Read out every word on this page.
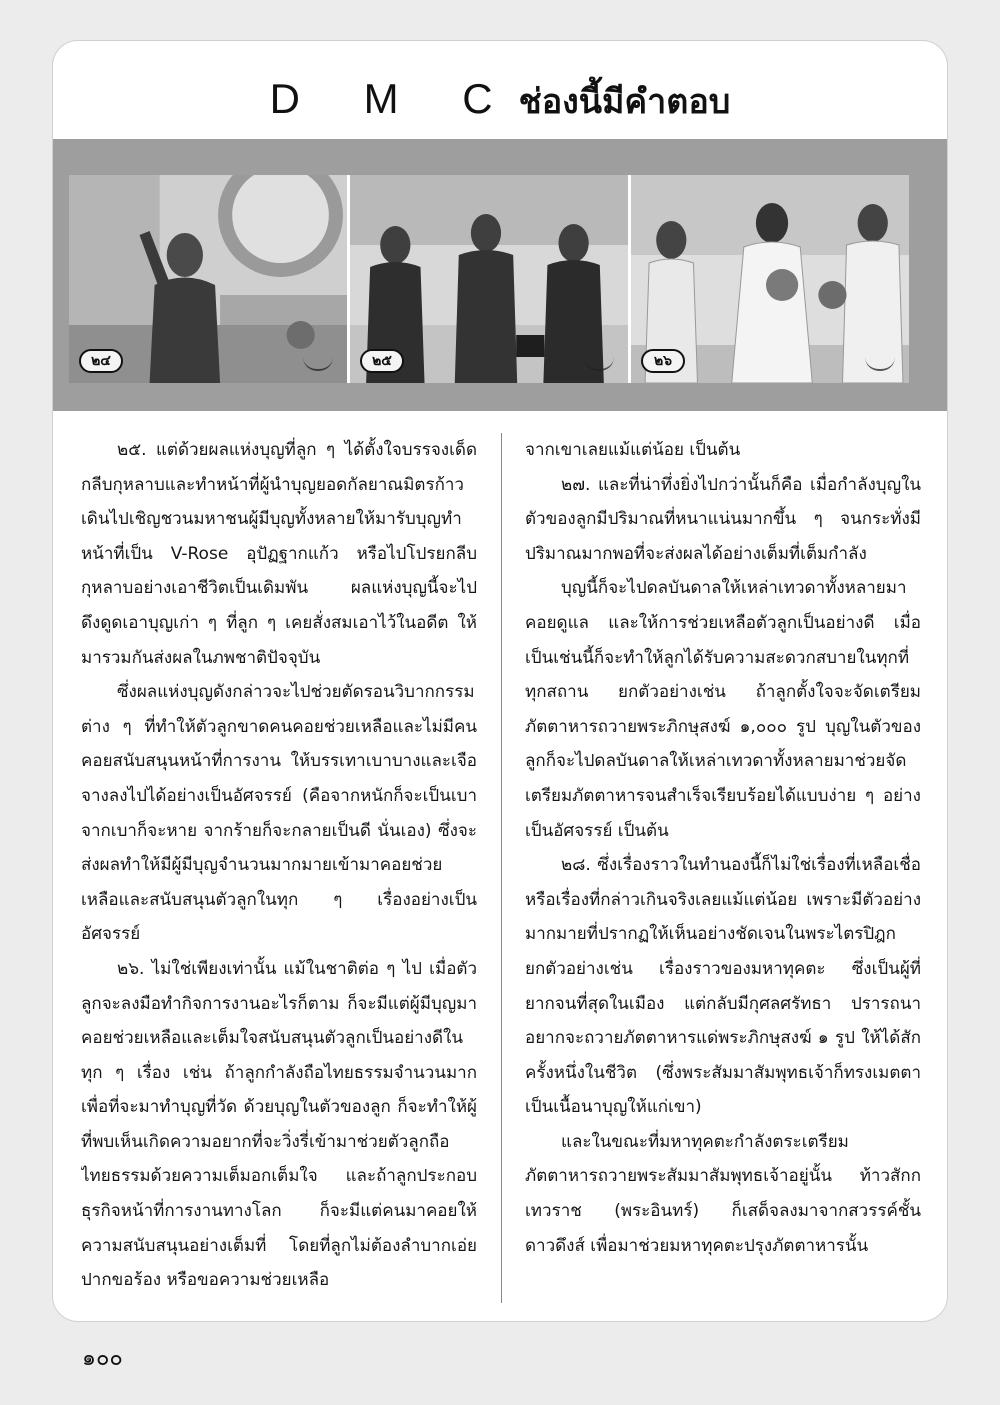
D M Cช่องนี้มีคำตอบ
๒๔	๒๕	๒๖

๒๕. แต่ด้วยผลแห่งบุญที่ลูก ๆ ได้ตั้งใจบรรจงเด็ดกลีบกุหลาบและทำหน้าที่ผู้นำบุญยอดกัลยาณมิตรก้าวเดินไปเชิญชวนมหาชนผู้มีบุญทั้งหลายให้มารับบุญทำหน้าที่เป็น V-Rose อุปัฏฐากแก้ว หรือไปโปรยกลีบกุหลาบอย่างเอาชีวิตเป็นเดิมพัน ผลแห่งบุญนี้จะไปดึงดูดเอาบุญเก่า ๆ ที่ลูก ๆ เคยสั่งสมเอาไว้ในอดีต ให้มารวมกันส่งผลในภพชาติปัจจุบัน

ซึ่งผลแห่งบุญดังกล่าวจะไปช่วยตัดรอนวิบากกรรมต่าง ๆ ที่ทำให้ตัวลูกขาดคนคอยช่วยเหลือและไม่มีคนคอยสนับสนุนหน้าที่การงาน ให้บรรเทาเบาบางและเจือจางลงไปได้อย่างเป็นอัศจรรย์ (คือจากหนักก็จะเป็นเบา จากเบาก็จะหาย จากร้ายก็จะกลายเป็นดี นั่นเอง) ซึ่งจะส่งผลทำให้มีผู้มีบุญจำนวนมากมายเข้ามาคอยช่วยเหลือและสนับสนุนตัวลูกในทุก ๆ เรื่องอย่างเป็นอัศจรรย์

๒๖. ไม่ใช่เพียงเท่านั้น แม้ในชาติต่อ ๆ ไป เมื่อตัวลูกจะลงมือทำกิจการงานอะไรก็ตาม ก็จะมีแต่ผู้มีบุญมาคอยช่วยเหลือและเต็มใจสนับสนุนตัวลูกเป็นอย่างดีในทุก ๆ เรื่อง เช่น ถ้าลูกกำลังถือไทยธรรมจำนวนมาก เพื่อที่จะมาทำบุญที่วัด ด้วยบุญในตัวของลูก ก็จะทำให้ผู้ที่พบเห็นเกิดความอยากที่จะวิ่งรี่เข้ามาช่วยตัวลูกถือไทยธรรมด้วยความเต็มอกเต็มใจ และถ้าลูกประกอบธุรกิจหน้าที่การงานทางโลก ก็จะมีแต่คนมาคอยให้ความสนับสนุนอย่างเต็มที่ โดยที่ลูกไม่ต้องลำบากเอ่ยปากขอร้อง หรือขอความช่วยเหลือ

จากเขาเลยแม้แต่น้อย เป็นต้น

๒๗. และที่น่าทึ่งยิ่งไปกว่านั้นก็คือ เมื่อกำลังบุญในตัวของลูกมีปริมาณที่หนาแน่นมากขึ้น ๆ จนกระทั่งมีปริมาณมากพอที่จะส่งผลได้อย่างเต็มที่เต็มกำลัง

บุญนี้ก็จะไปดลบันดาลให้เหล่าเทวดาทั้งหลายมาคอยดูแล และให้การช่วยเหลือตัวลูกเป็นอย่างดี เมื่อเป็นเช่นนี้ก็จะทำให้ลูกได้รับความสะดวกสบายในทุกที่ทุกสถาน ยกตัวอย่างเช่น ถ้าลูกตั้งใจจะจัดเตรียมภัตตาหารถวายพระภิกษุสงฆ์ ๑,๐๐๐ รูป บุญในตัวของลูกก็จะไปดลบันดาลให้เหล่าเทวดาทั้งหลายมาช่วยจัดเตรียมภัตตาหารจนสำเร็จเรียบร้อยได้แบบง่าย ๆ อย่างเป็นอัศจรรย์ เป็นต้น

๒๘. ซึ่งเรื่องราวในทำนองนี้ก็ไม่ใช่เรื่องที่เหลือเชื่อ หรือเรื่องที่กล่าวเกินจริงเลยแม้แต่น้อย เพราะมีตัวอย่างมากมายที่ปรากฏให้เห็นอย่างชัดเจนในพระไตรปิฎก ยกตัวอย่างเช่น เรื่องราวของมหาทุคตะ ซึ่งเป็นผู้ที่ยากจนที่สุดในเมือง แต่กลับมีกุศลศรัทธา ปรารถนาอยากจะถวายภัตตาหารแด่พระภิกษุสงฆ์ ๑ รูป ให้ได้สักครั้งหนึ่งในชีวิต (ซึ่งพระสัมมาสัมพุทธเจ้าก็ทรงเมตตาเป็นเนื้อนาบุญให้แก่เขา)

และในขณะที่มหาทุคตะกำลังตระเตรียมภัตตาหารถวายพระสัมมาสัมพุทธเจ้าอยู่นั้น ท้าวสักกเทวราช (พระอินทร์) ก็เสด็จลงมาจากสวรรค์ชั้นดาวดึงส์ เพื่อมาช่วยมหาทุคตะปรุงภัตตาหารนั้น

๑๐๐
